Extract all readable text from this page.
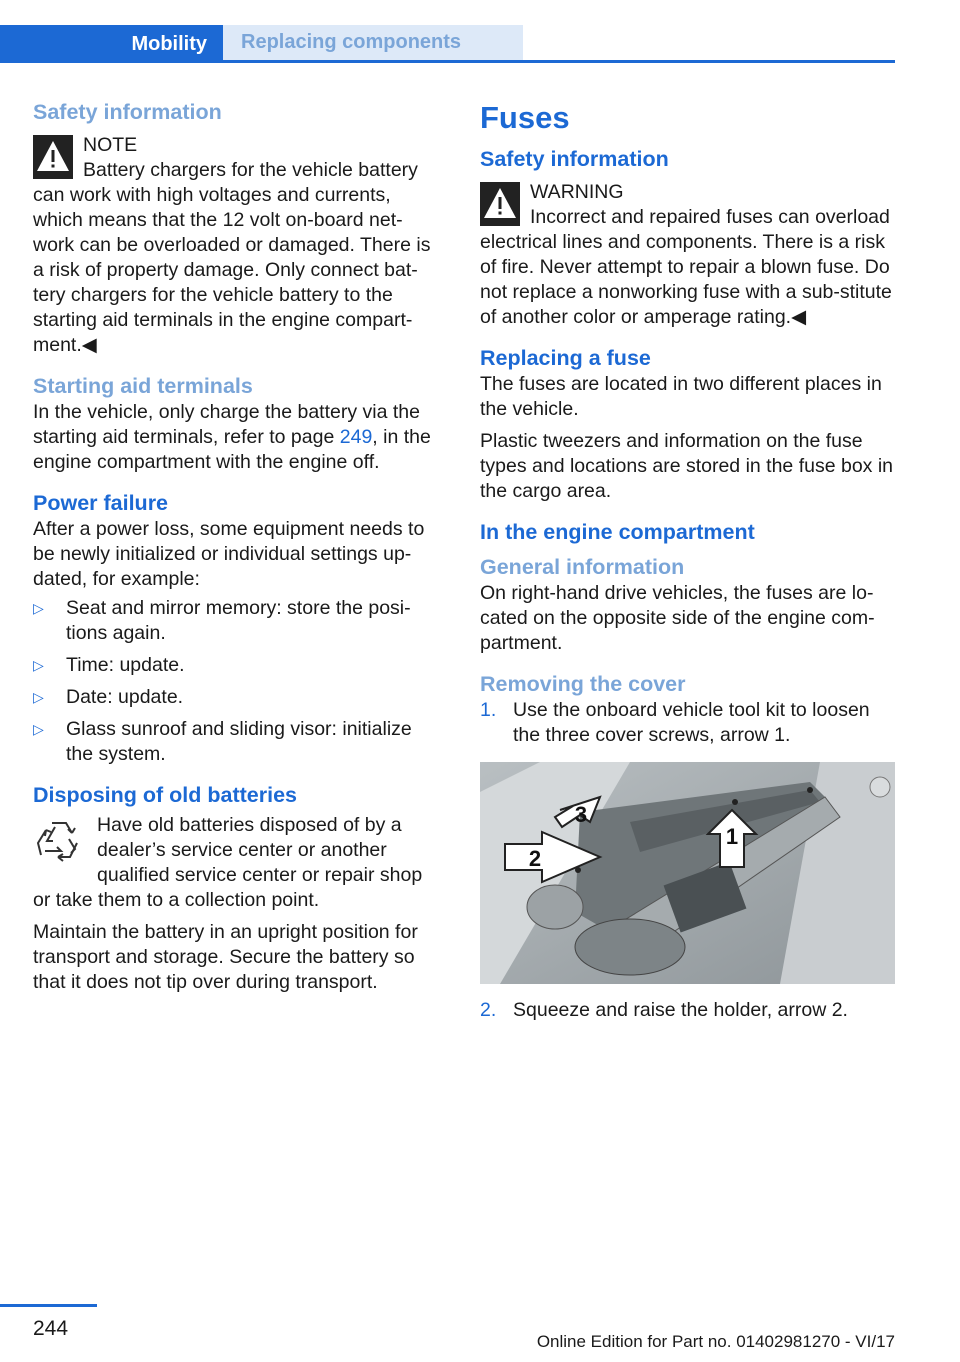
Mobility Replacing components
Safety information

NOTE

Battery chargers for the vehicle battery

can work with high voltages and currents, which means that the 12 volt on-board net-work can be overloaded or damaged. There is a risk of property damage. Only connect bat-tery chargers for the vehicle battery to the starting aid terminals in the engine compart-ment.◀

Starting aid terminals

In the vehicle, only charge the battery via the starting aid terminals, refer to page 249, in the engine compartment with the engine off.

Power failure

After a power loss, some equipment needs to be newly initialized or individual settings up-dated, for example:

▷ Seat and mirror memory: store the posi-tions again.
▷ Time: update.
▷ Date: update.
▷ Glass sunroof and sliding visor: initialize the system.
Disposing of old batteries

Have old batteries disposed of by a dealer’s service center or another qualified service center or repair shop or take them to a collection point.

Maintain the battery in an upright position for transport and storage. Secure the battery so that it does not tip over during transport.

Fuses
Safety information

WARNING

Incorrect and repaired fuses can overload

electrical lines and components. There is a risk of fire. Never attempt to repair a blown fuse. Do not replace a nonworking fuse with a sub-stitute of another color or amperage rating.◀

Replacing a fuse

The fuses are located in two different places in the vehicle.

Plastic tweezers and information on the fuse types and locations are stored in the fuse box in the cargo area.

In the engine compartment
General information

On right-hand drive vehicles, the fuses are lo-cated on the opposite side of the engine com-partment.

Removing the cover
1. Use the onboard vehicle tool kit to loosen the three cover screws, arrow 1.
1
2
3
2. Squeeze and raise the holder, arrow 2.
244
Online Edition for Part no. 01402981270 - VI/17
